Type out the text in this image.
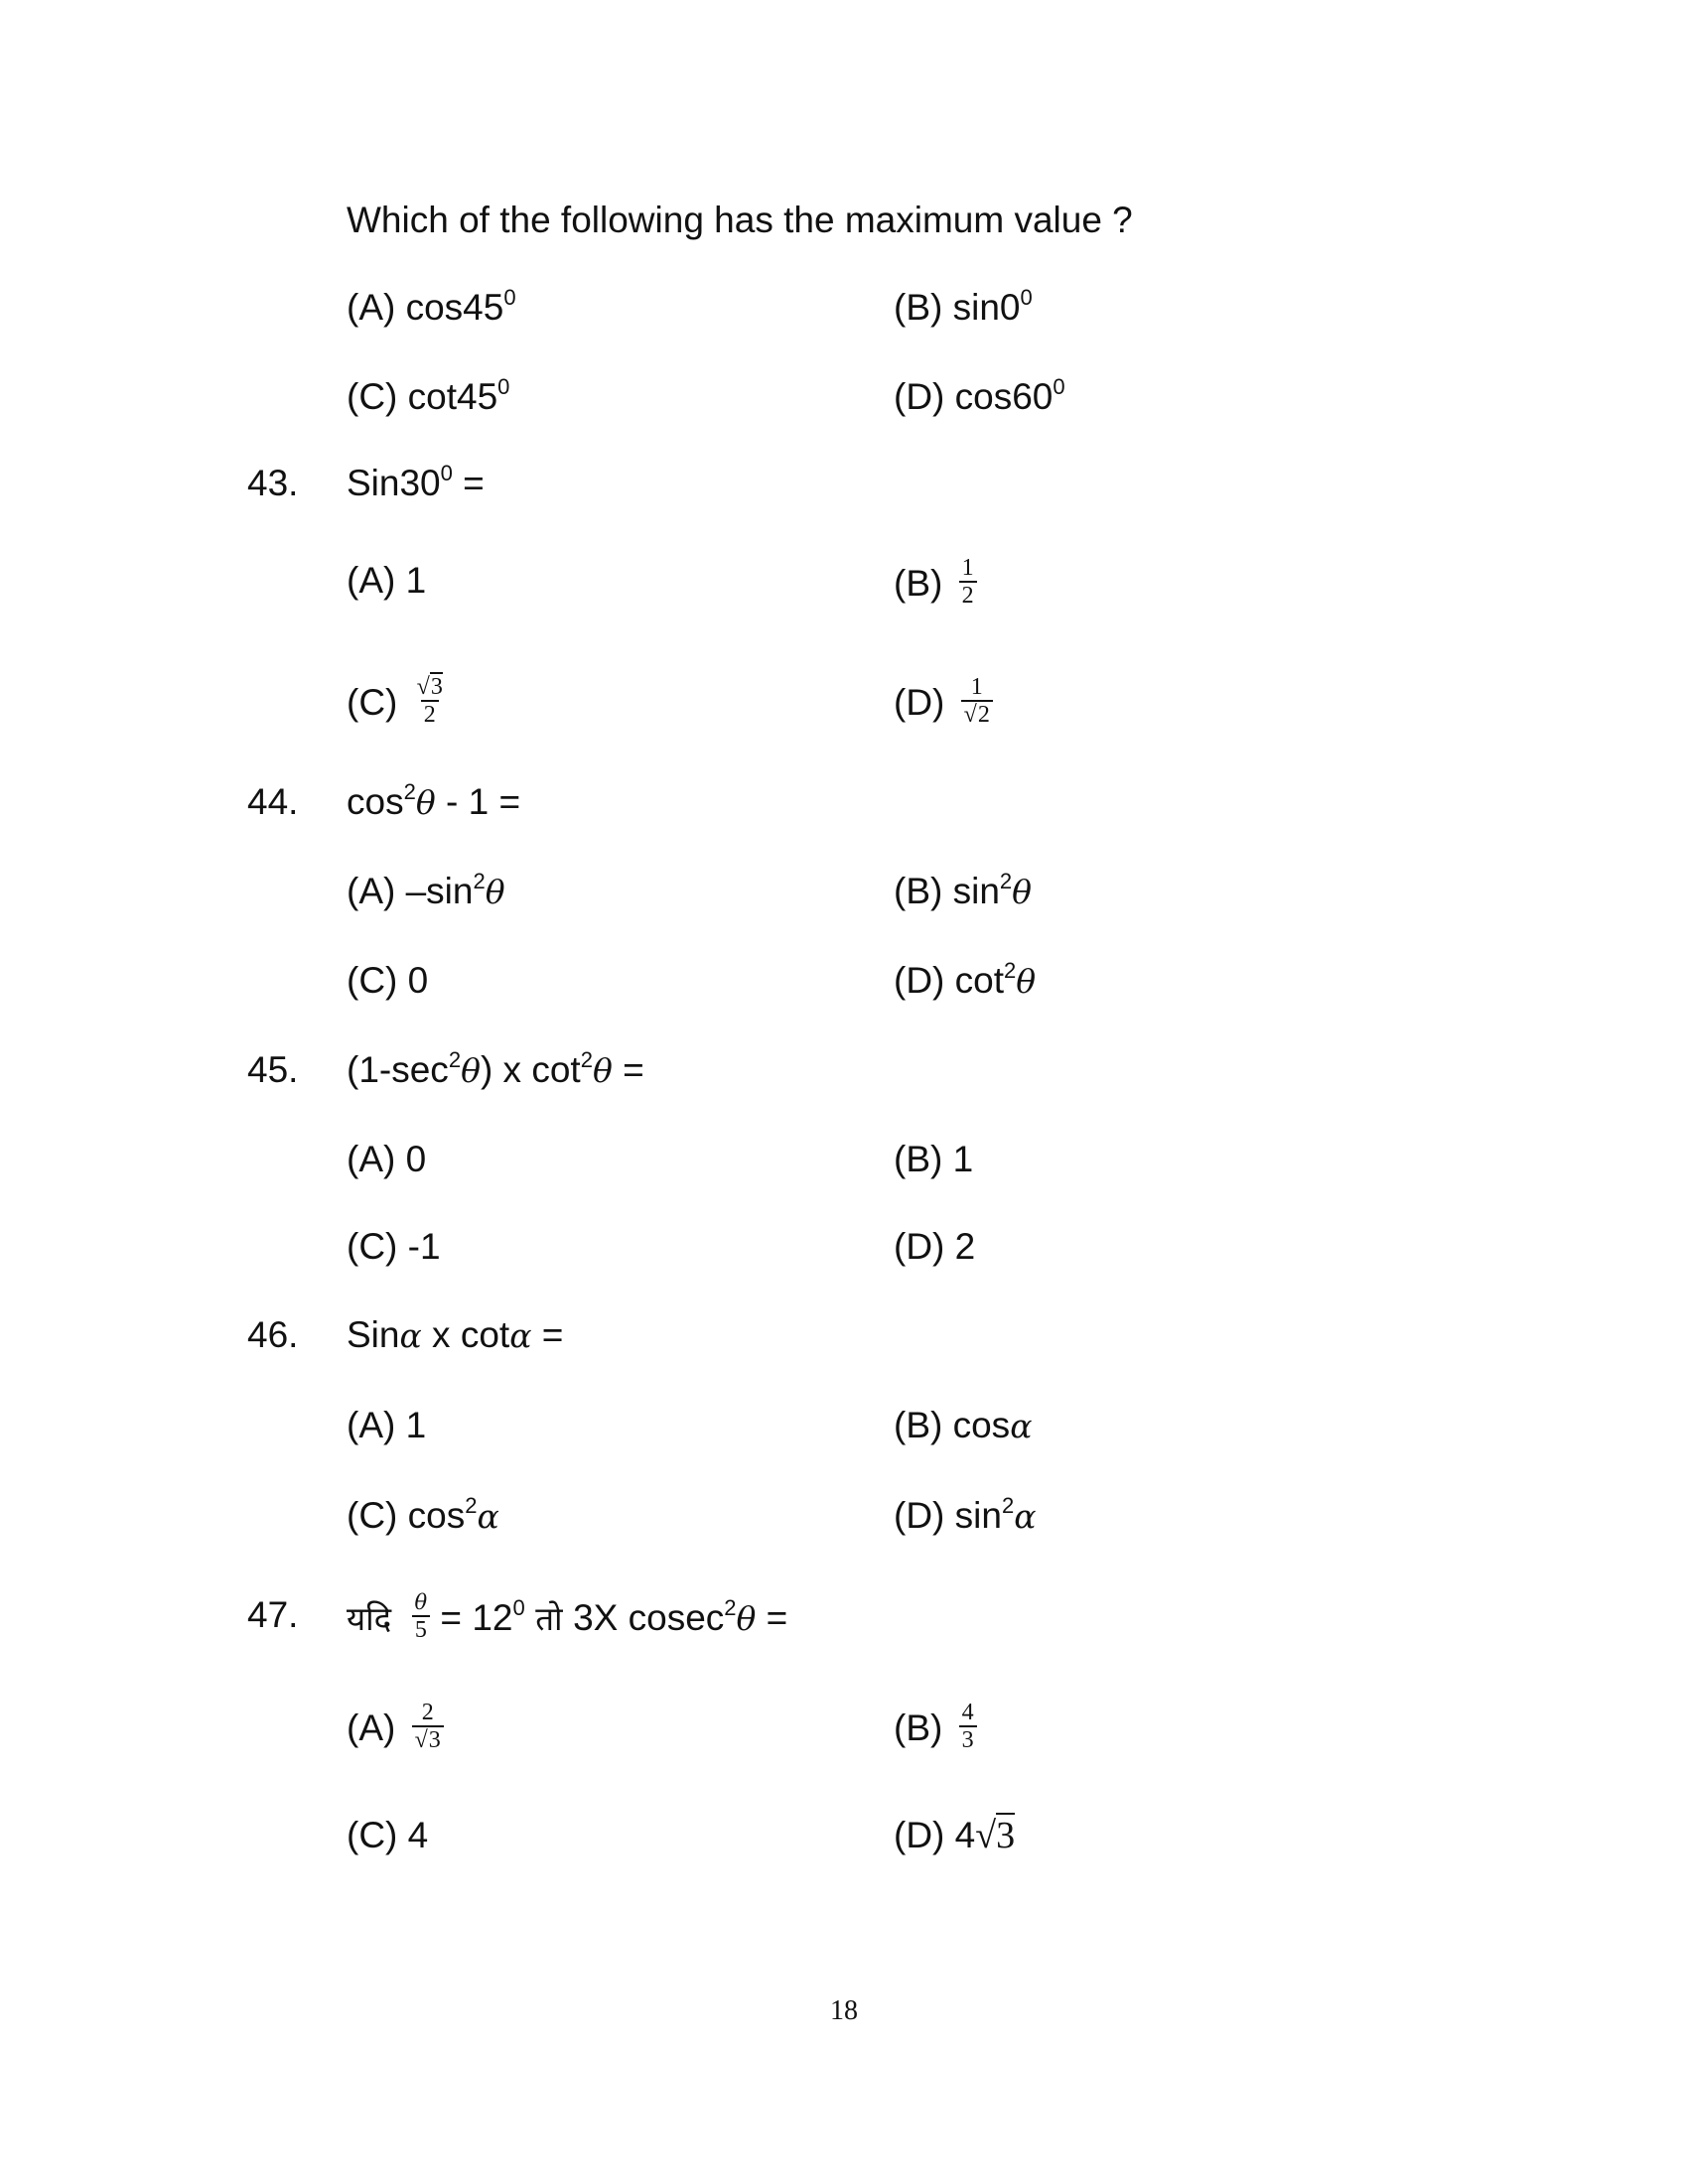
Which of the following has the maximum value ?
(A) $\cos 45^0$	(B) $\sin 0^0$
(C) $\cot 45^0$	(D) $\cos 60^0$
43. $Sin30^0$ =
(A) 1	$(B) \frac{1}{2}$
$(C) \frac{√3}{2}$	$(D) \frac{1}{√2}$
44. $\cos^2\theta - 1$ =
(A) $-\sin^2\theta$	(B) $\sin^2\theta$
(C) 0	(D) $\cot^2\theta$
45. $(1-\sec^2\theta)$ x $\cot^2\theta$ =
(A) 0	(B) 1
(C) -1	(D) 2
46. Sinα x cotα =
(A) 1	(B) cosα
(C) $\cos^2\alpha$	(D) $\sin^2\alpha$
47. यदि $\frac{\theta}{5} = 12^0$ तो 3X cosec$^2$θ =
$(A) \frac{2}{√3}$	$(B) \frac{4}{3}$
(C) 4	(D) 4√3
18
